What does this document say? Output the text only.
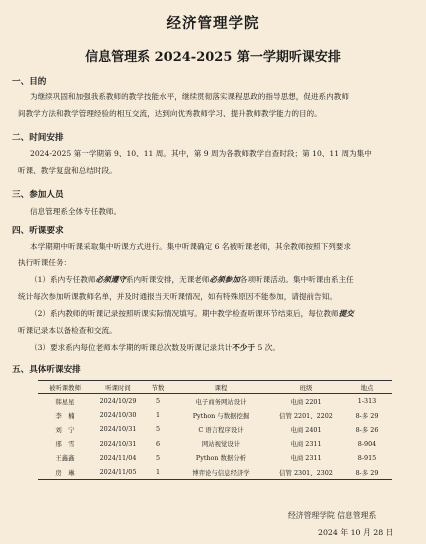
经济管理学院
信息管理系 2024-2025 第一学期听课安排
一、目的
为继续巩固和加强我系教师的教学技能水平，继续贯彻落实课程思政的指导思想，促进系内教师
间教学方法和教学管理经验的相互交流，达到向优秀教师学习、提升教师教学能力的目的。
二、时间安排
2024-2025 第一学期第 9、10、11 周。其中，第 9 周为各教师教学自查时段；第 10、11 周为集中
听课、教学复盘和总结时段。
三、参加人员
信息管理系全体专任教师。
四、听课要求
本学期期中听课采取集中听课方式进行。集中听课确定 6 名被听课老师，其余教师按照下列要求
执行听课任务：
（1）系内专任教师必须遵守系内听课安排，无课老师必须参加各项听课活动。集中听课由系主任
统计每次参加听课教师名单，并及时通报当天听课情况，如有特殊原因不能参加，请提前告知。
（2）系内教师的听课记录按照听课实际情况填写。期中教学检查听课环节结束后，每位教师提交
听课记录本以备检查和交流。
（3）要求系内每位老师本学期的听课总次数及听课记录共计不少于 5 次。
五、具体听课安排
被听课教师	听课时间	节数	课程	班级	地点
韩星星	2024/10/29	5	电子商务网站设计	电商 2201	1-313
李　楠	2024/10/30	1	Python 与数据挖掘	信管 2201、2202	8-多 29
刘　宁	2024/10/31	5	C 语言程序设计	电商 2401	8-多 26
邢　雪	2024/10/31	6	网站视觉设计	电商 2311	8-904
王鑫鑫	2024/11/04	5	Python 数据分析	电商 2311	8-915
房　琳	2024/11/05	1	博弈论与信息经济学	信管 2301、2302	8-多 29
经济管理学院 信息管理系
2024 年 10 月 28 日
